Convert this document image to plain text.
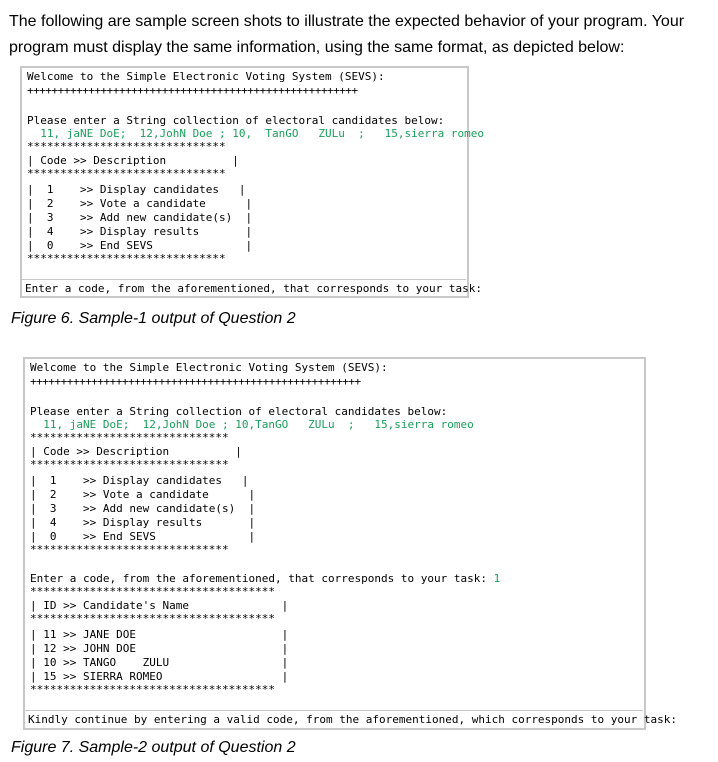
The following are sample screen shots to illustrate the expected behavior of your program. Your program must display the same information, using the same format, as depicted below:
Welcome to the Simple Electronic Voting System (SEVS):
++++++++++++++++++++++++++++++++++++++++++++++++++++++
Please enter a String collection of electoral candidates below:
11, jaNE DoE;  12,JohN Doe ; 10,  TanGO   ZULu  ;   15,sierra romeo
******************************
| Code >> Description          |
******************************
|  1    >> Display candidates   |
|  2    >> Vote a candidate      |
|  3    >> Add new candidate(s)  |
|  4    >> Display results       |
|  0    >> End SEVS              |
******************************
Enter a code, from the aforementioned, that corresponds to your task:
Figure 6. Sample-1 output of Question 2
Welcome to the Simple Electronic Voting System (SEVS):
++++++++++++++++++++++++++++++++++++++++++++++++++++++
Please enter a String collection of electoral candidates below:
11, jaNE DoE;  12,JohN Doe ; 10,TanGO   ZULu  ;   15,sierra romeo
******************************
| Code >> Description          |
******************************
|  1    >> Display candidates   |
|  2    >> Vote a candidate      |
|  3    >> Add new candidate(s)  |
|  4    >> Display results       |
|  0    >> End SEVS              |
******************************
Enter a code, from the aforementioned, that corresponds to your task: 1
*************************************
| ID >> Candidate's Name              |
*************************************
| 11 >> JANE DOE                      |
| 12 >> JOHN DOE                      |
| 10 >> TANGO    ZULU                 |
| 15 >> SIERRA ROMEO                  |
*************************************
Kindly continue by entering a valid code, from the aforementioned, which corresponds to your task:
Figure 7. Sample-2 output of Question 2
